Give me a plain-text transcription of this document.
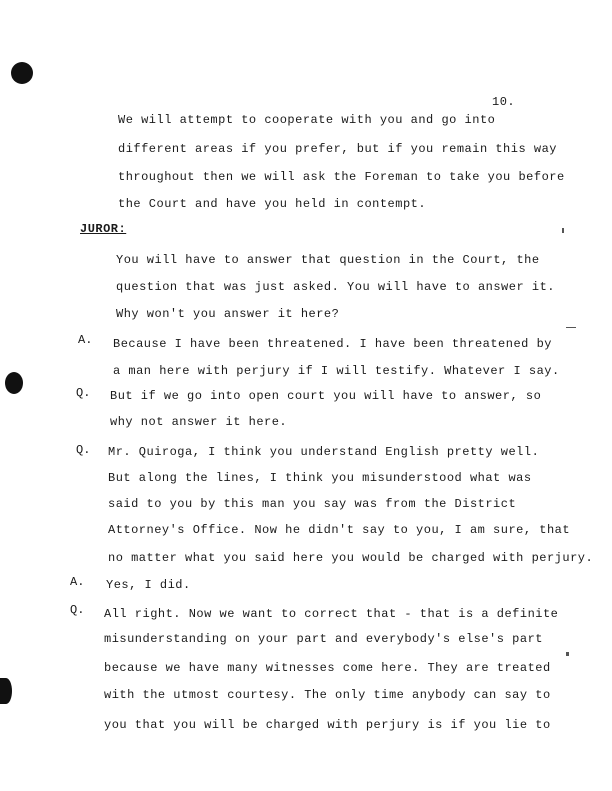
10.
We will attempt to cooperate with you and go into
different areas if you prefer, but if you remain this way
throughout then we will ask the Foreman to take you before
the Court and have you held in contempt.
JUROR:
You will have to answer that question in the Court, the
question that was just asked. You will have to answer it.
Why won't you answer it here?
A. Because I have been threatened. I have been threatened by
a man here with perjury if I will testify. Whatever I say.
Q. But if we go into open court you will have to answer, so
why not answer it here.
Q. Mr. Quiroga, I think you understand English pretty well.
But along the lines, I think you misunderstood what was
said to you by this man you say was from the District
Attorney's Office. Now he didn't say to you, I am sure, that
no matter what you said here you would be charged with perjury.
A. Yes, I did.
Q. All right. Now we want to correct that - that is a definite
misunderstanding on your part and everybody's else's part
because we have many witnesses come here. They are treated
with the utmost courtesy. The only time anybody can say to
you that you will be charged with perjury is if you lie to
